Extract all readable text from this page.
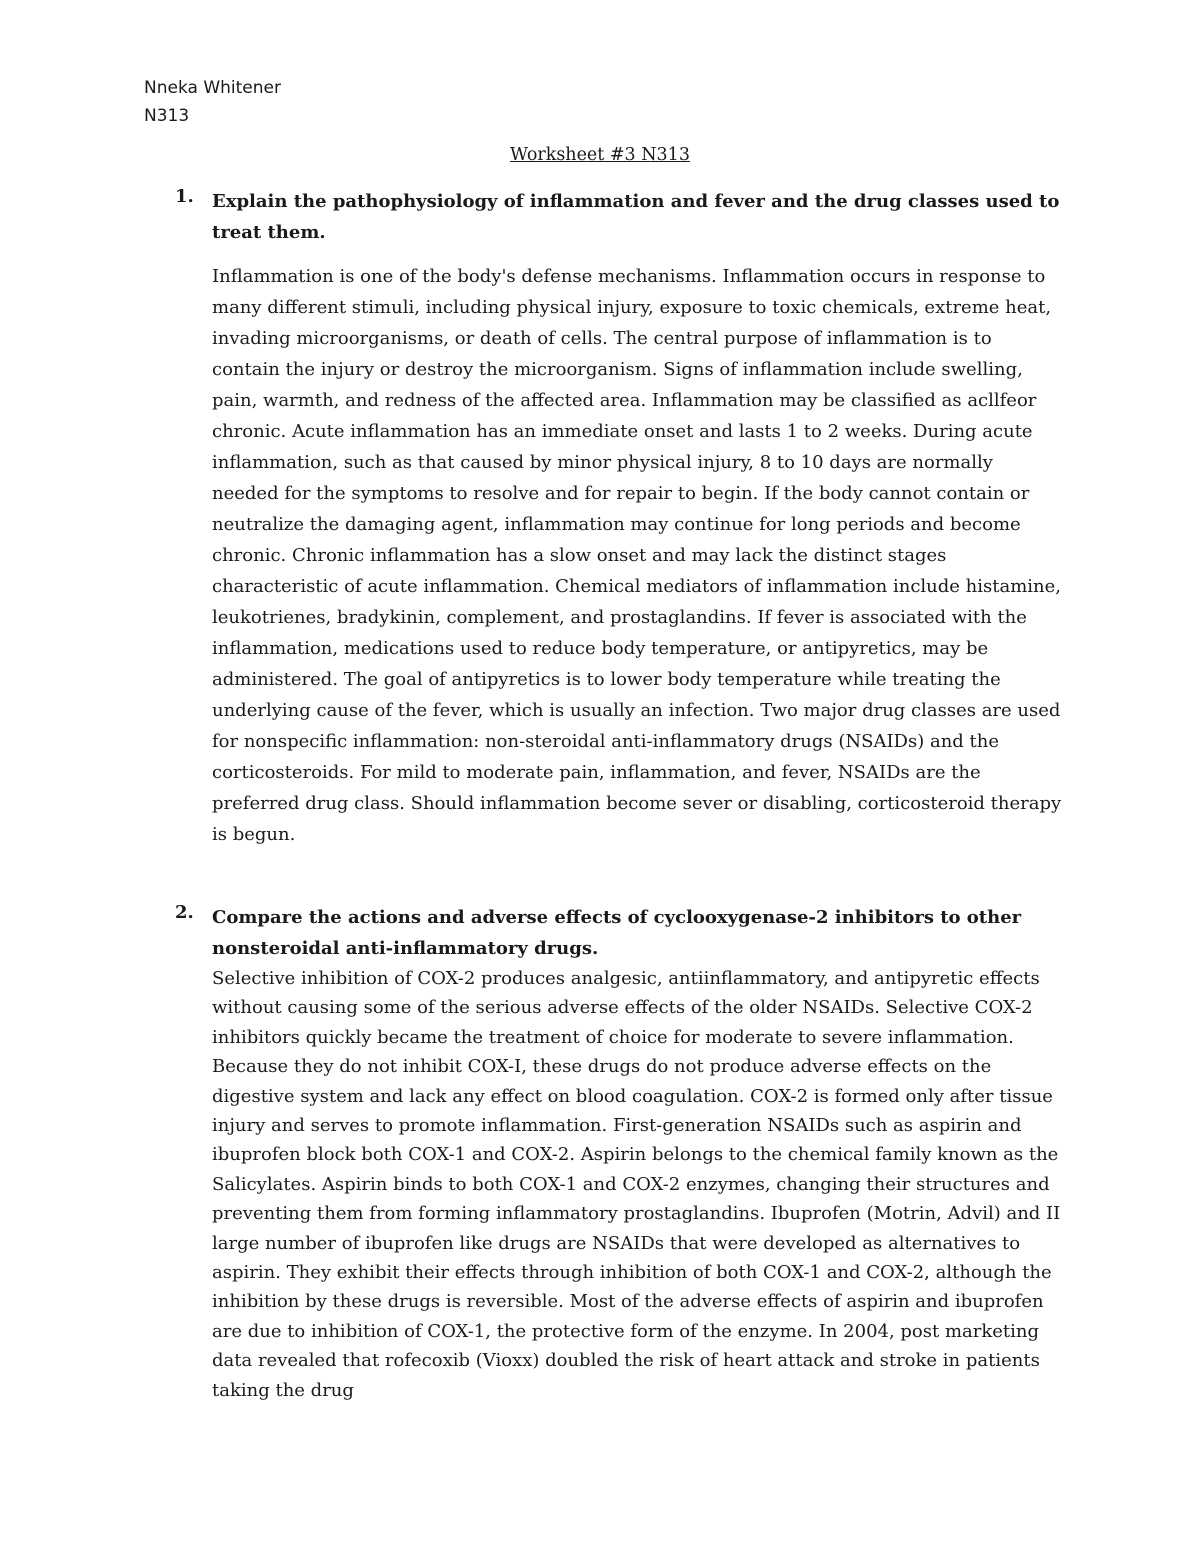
Nneka Whitener
N313
Worksheet #3 N313
1. Explain the pathophysiology of inflammation and fever and the drug classes used to treat them.
Inflammation is one of the body's defense mechanisms. Inflammation occurs in response to many different stimuli, including physical injury, exposure to toxic chemicals, extreme heat, invading microorganisms, or death of cells. The central purpose of inflammation is to contain the injury or destroy the microorganism. Signs of inflammation include swelling, pain, warmth, and redness of the affected area. Inflammation may be classified as acllfeor chronic. Acute inflammation has an immediate onset and lasts 1 to 2 weeks. During acute inflammation, such as that caused by minor physical injury, 8 to 10 days are normally needed for the symptoms to resolve and for repair to begin. If the body cannot contain or neutralize the damaging agent, inflammation may continue for long periods and become chronic. Chronic inflammation has a slow onset and may lack the distinct stages characteristic of acute inflammation. Chemical mediators of inflammation include histamine, leukotrienes, bradykinin, complement, and prostaglandins. If fever is associated with the inflammation, medications used to reduce body temperature, or antipyretics, may be administered. The goal of antipyretics is to lower body temperature while treating the underlying cause of the fever, which is usually an infection. Two major drug classes are used for nonspecific inflammation: non-steroidal anti-inflammatory drugs (NSAIDs) and the corticosteroids. For mild to moderate pain, inflammation, and fever, NSAIDs are the preferred drug class. Should inflammation become sever or disabling, corticosteroid therapy is begun.
2. Compare the actions and adverse effects of cyclooxygenase-2 inhibitors to other nonsteroidal anti-inflammatory drugs.
Selective inhibition of COX-2 produces analgesic, antiinflammatory, and antipyretic effects without causing some of the serious adverse effects of the older NSAIDs. Selective COX-2 inhibitors quickly became the treatment of choice for moderate to severe inflammation. Because they do not inhibit COX-I, these drugs do not produce adverse effects on the digestive system and lack any effect on blood coagulation. COX-2 is formed only after tissue injury and serves to promote inflammation. First-generation NSAIDs such as aspirin and ibuprofen block both COX-1 and COX-2. Aspirin belongs to the chemical family known as the Salicylates. Aspirin binds to both COX-1 and COX-2 enzymes, changing their structures and preventing them from forming inflammatory prostaglandins. Ibuprofen (Motrin, Advil) and II large number of ibuprofen like drugs are NSAIDs that were developed as alternatives to aspirin. They exhibit their effects through inhibition of both COX-1 and COX-2, although the inhibition by these drugs is reversible. Most of the adverse effects of aspirin and ibuprofen are due to inhibition of COX-1, the protective form of the enzyme. In 2004, post marketing data revealed that rofecoxib (Vioxx) doubled the risk of heart attack and stroke in patients taking the drug
